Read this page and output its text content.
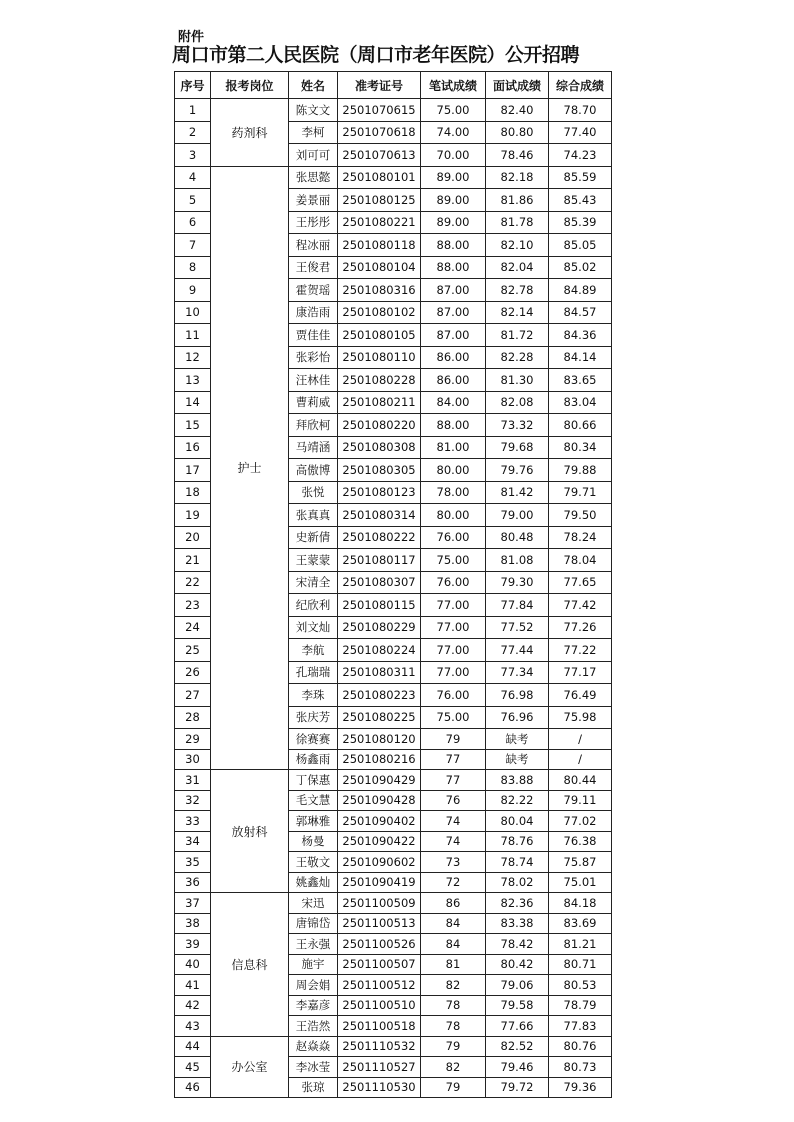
附件
周口市第二人民医院（周口市老年医院）公开招聘
序号	报考岗位	姓名	准考证号	笔试成绩	面试成绩	综合成绩
1	药剂科	陈文文	2501070615	75.00	82.40	78.70
2		李柯	2501070618	74.00	80.80	77.40
3		刘可可	2501070613	70.00	78.46	74.23
4	护士	张思懿	2501080101	89.00	82.18	85.59
5		姜景丽	2501080125	89.00	81.86	85.43
6		王彤彤	2501080221	89.00	81.78	85.39
7		程冰丽	2501080118	88.00	82.10	85.05
8		王俊君	2501080104	88.00	82.04	85.02
9		霍贺瑶	2501080316	87.00	82.78	84.89
10		康浩雨	2501080102	87.00	82.14	84.57
11		贾佳佳	2501080105	87.00	81.72	84.36
12		张彩怡	2501080110	86.00	82.28	84.14
13		汪林佳	2501080228	86.00	81.30	83.65
14		曹莉威	2501080211	84.00	82.08	83.04
15		拜欣柯	2501080220	88.00	73.32	80.66
16		马靖涵	2501080308	81.00	79.68	80.34
17		高傲博	2501080305	80.00	79.76	79.88
18		张悦	2501080123	78.00	81.42	79.71
19		张真真	2501080314	80.00	79.00	79.50
20		史新倩	2501080222	76.00	80.48	78.24
21		王蒙蒙	2501080117	75.00	81.08	78.04
22		宋清全	2501080307	76.00	79.30	77.65
23		纪欣利	2501080115	77.00	77.84	77.42
24		刘文灿	2501080229	77.00	77.52	77.26
25		李航	2501080224	77.00	77.44	77.22
26		孔瑞瑞	2501080311	77.00	77.34	77.17
27		李珠	2501080223	76.00	76.98	76.49
28		张庆芳	2501080225	75.00	76.96	75.98
29		徐赛赛	2501080120	79	缺考	/
30		杨鑫雨	2501080216	77	缺考	/
31	放射科	丁保惠	2501090429	77	83.88	80.44
32		毛文慧	2501090428	76	82.22	79.11
33		郭琳雅	2501090402	74	80.04	77.02
34		杨曼	2501090422	74	78.76	76.38
35		王敬文	2501090602	73	78.74	75.87
36		姚鑫灿	2501090419	72	78.02	75.01
37	信息科	宋迅	2501100509	86	82.36	84.18
38		唐锦岱	2501100513	84	83.38	83.69
39		王永强	2501100526	84	78.42	81.21
40		施宇	2501100507	81	80.42	80.71
41		周会娟	2501100512	82	79.06	80.53
42		李嘉彦	2501100510	78	79.58	78.79
43		王浩然	2501100518	78	77.66	77.83
44	办公室	赵焱焱	2501110532	79	82.52	80.76
45		李冰莹	2501110527	82	79.46	80.73
46		张琼	2501110530	79	79.72	79.36
